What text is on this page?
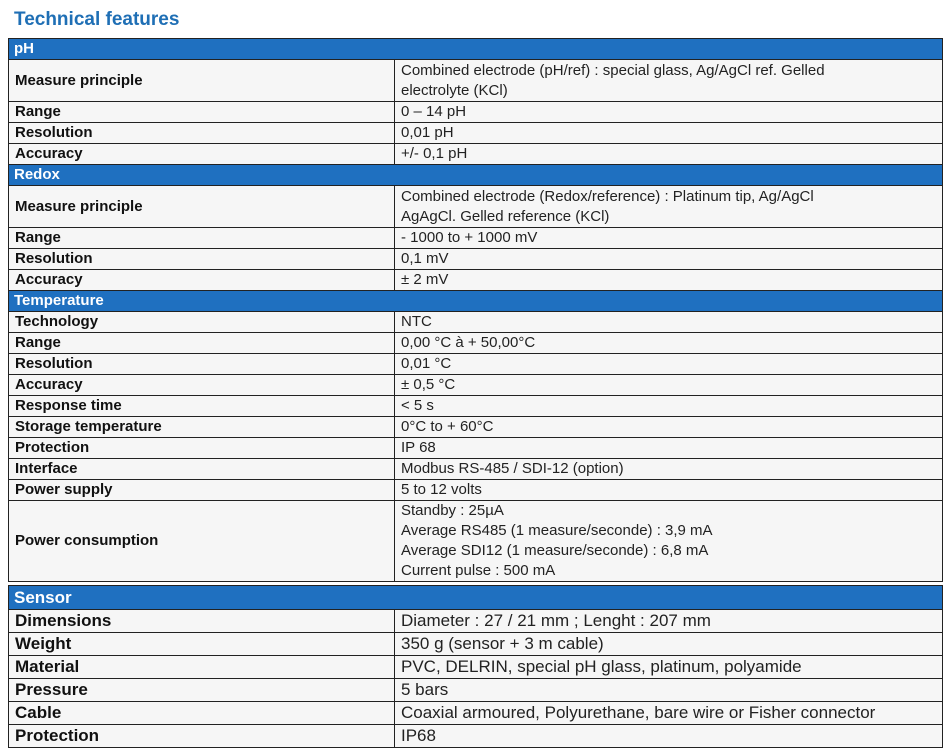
Technical features
pH	
Measure principle	Combined electrode (pH/ref) : special glass, Ag/AgCl ref. Gelled
electrolyte (KCl)

Range	0 – 14 pH
Resolution	0,01 pH
Accuracy	+/- 0,1 pH
Redox	
Measure principle	Combined electrode (Redox/reference) : Platinum tip, Ag/AgCl
AgAgCl. Gelled reference (KCl)

Range	- 1000 to + 1000 mV
Resolution	0,1 mV
Accuracy	± 2 mV
Temperature	
Technology	NTC
Range	0,00 °C à + 50,00°C
Resolution	0,01 °C
Accuracy	± 0,5 °C
Response time	< 5 s
Storage temperature	0°C to + 60°C
Protection	IP 68
Interface	Modbus RS-485 / SDI-12 (option)
Power supply	5 to 12 volts
Power consumption	Standby : 25µA
Average RS485 (1 measure/seconde) : 3,9 mA
Average SDI12 (1 measure/seconde) : 6,8 mA
Current pulse : 500 mA
Sensor	
Dimensions	Diameter : 27 / 21 mm ; Lenght : 207 mm
Weight	350 g (sensor + 3 m cable)
Material	PVC, DELRIN, special pH glass, platinum, polyamide
Pressure	5 bars
Cable	Coaxial armoured, Polyurethane, bare wire or Fisher connector
Protection	IP68
